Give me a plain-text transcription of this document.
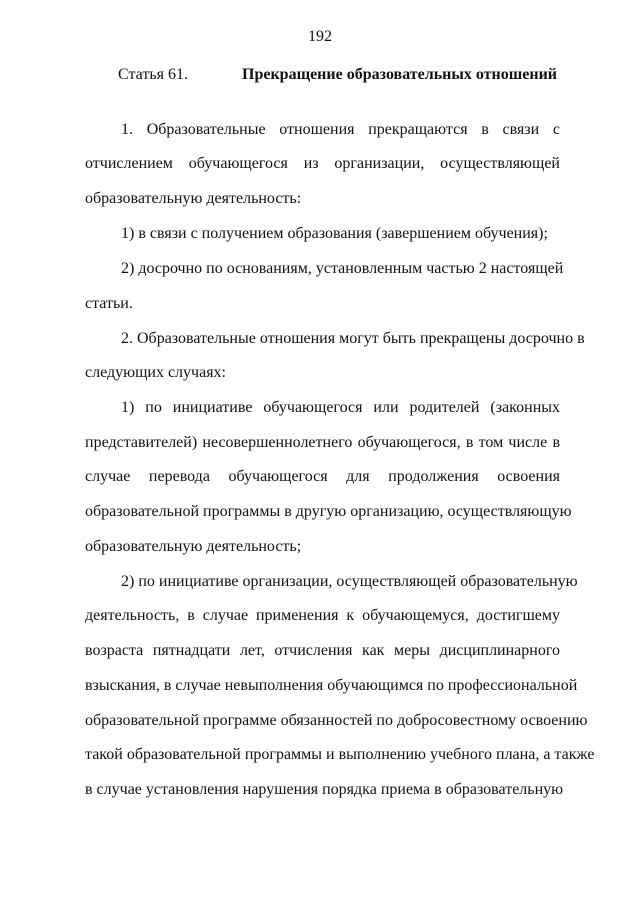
192
Статья 61.	Прекращение образовательных отношений
1. Образовательные отношения прекращаются в связи с
отчислением обучающегося из организации, осуществляющей
образовательную деятельность:
1) в связи с получением образования (завершением обучения);
2) досрочно по основаниям, установленным частью 2 настоящей
статьи.
2. Образовательные отношения могут быть прекращены досрочно в
следующих случаях:
1) по инициативе обучающегося или родителей (законных
представителей) несовершеннолетнего обучающегося, в том числе в
случае перевода обучающегося для продолжения освоения
образовательной программы в другую организацию, осуществляющую
образовательную деятельность;
2) по инициативе организации, осуществляющей образовательную
деятельность, в случае применения к обучающемуся, достигшему
возраста пятнадцати лет, отчисления как меры дисциплинарного
взыскания, в случае невыполнения обучающимся по профессиональной
образовательной программе обязанностей по добросовестному освоению
такой образовательной программы и выполнению учебного плана, а также
в случае установления нарушения порядка приема в образовательную
